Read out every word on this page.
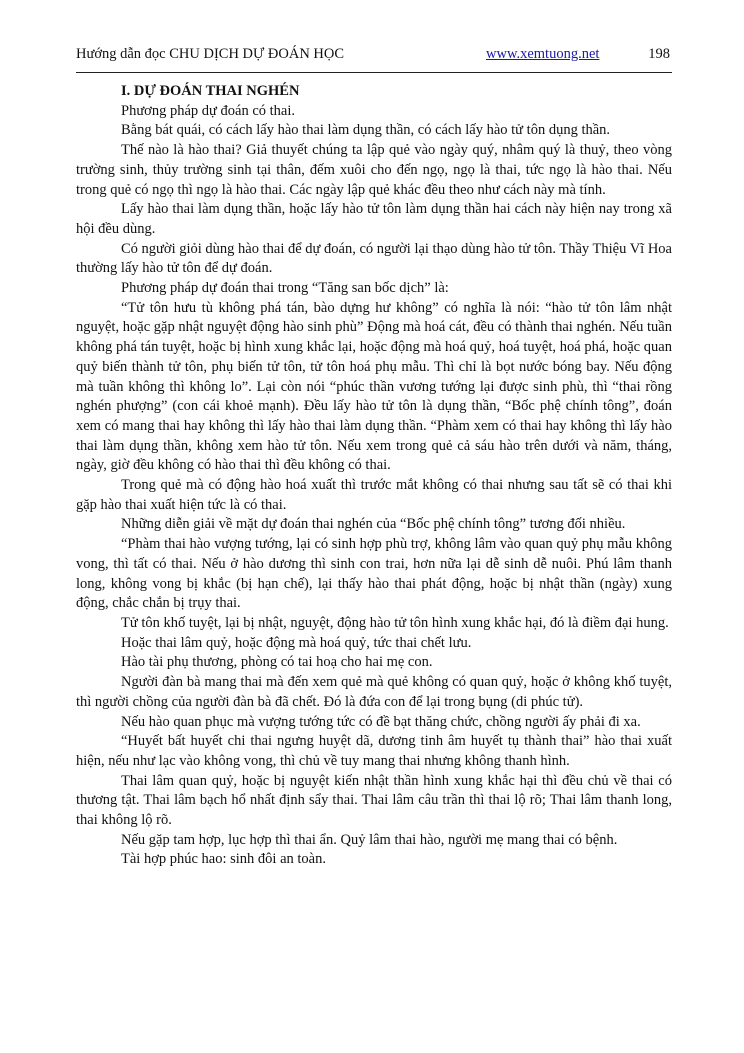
Hướng dẫn đọc CHU DỊCH DỰ ĐOÁN HỌC	www.xemtuong.net	198

I. DỰ ĐOÁN THAI NGHÉN

Phương pháp dự đoán có thai.

Bằng bát quái, có cách lấy hào thai làm dụng thần, có cách lấy hào tử tôn dụng thần.

Thế nào là hào thai? Giả thuyết chúng ta lập quẻ vào ngày quý, nhâm quý là thuỷ, theo vòng trường sinh, thủy trường sinh tại thân, đếm xuôi cho đến ngọ, ngọ là thai, tức ngọ là hào thai. Nếu trong quẻ có ngọ thì ngọ là hào thai. Các ngày lập quẻ khác đều theo như cách này mà tính.

Lấy hào thai làm dụng thần, hoặc lấy hào tử tôn làm dụng thần hai cách này hiện nay trong xã hội đều dùng.

Có người giỏi dùng hào thai để dự đoán, có người lại thạo dùng hào tử tôn. Thầy Thiệu Vĩ Hoa thường lấy hào tử tôn để dự đoán.

Phương pháp dự đoán thai trong “Tăng san bốc dịch” là:

“Tử tôn hưu tù không phá tán, bào dựng hư không” có nghĩa là nói: “hào tử tôn lâm nhật nguyệt, hoặc gặp nhật nguyệt động hào sinh phù” Động mà hoá cát, đều có thành thai nghén. Nếu tuần không phá tán tuyệt, hoặc bị hình xung khắc lại, hoặc động mà hoá quỷ, hoá tuyệt, hoá phá, hoặc quan quỷ biến thành tử tôn, phụ biến tử tôn, tử tôn hoá phụ mẫu. Thì chỉ là bọt nước bóng bay. Nếu động mà tuần không thì không lo”. Lại còn nói “phúc thần vương tướng lại được sinh phù, thì “thai rồng nghén phượng” (con cái khoẻ mạnh). Đều lấy hào tử tôn là dụng thần, “Bốc phệ chính tông”, đoán xem có mang thai hay không thì lấy hào thai làm dụng thần. “Phàm xem có thai hay không thì lấy hào thai làm dụng thần, không xem hào tử tôn. Nếu xem trong quẻ cả sáu hào trên dưới và năm, tháng, ngày, giờ đều không có hào thai thì đều không có thai.

Trong quẻ mà có động hào hoá xuất thì trước mắt không có thai nhưng sau tất sẽ có thai khi gặp hào thai xuất hiện tức là có thai.

Những diễn giải về mặt dự đoán thai nghén của “Bốc phệ chính tông” tương đối nhiều.

“Phàm thai hào vượng tướng, lại có sinh hợp phù trợ, không lâm vào quan quỷ phụ mẫu không vong, thì tất có thai. Nếu ở hào dương thì sinh con trai, hơn nữa lại dễ sinh dễ nuôi. Phú lâm thanh long, không vong bị khắc (bị hạn chế), lại thấy hào thai phát động, hoặc bị nhật thần (ngày) xung động, chắc chắn bị trụy thai.

Tử tôn khố tuyệt, lại bị nhật, nguyệt, động hào tử tôn hình xung khắc hại, đó là điềm đại hung.

Hoặc thai lâm quỷ, hoặc động mà hoá quỷ, tức thai chết lưu.

Hào tài phụ thương, phòng có tai hoạ cho hai mẹ con.

Người đàn bà mang thai mà đến xem quẻ mà quẻ không có quan quỷ, hoặc ở không khố tuyệt, thì người chồng của người đàn bà đã chết. Đó là đứa con để lại trong bụng (di phúc tử).

Nếu hào quan phục mà vượng tướng tức có đề bạt thăng chức, chồng người ấy phải đi xa.

“Huyết bất huyết chi thai ngưng huyệt dã, dương tinh âm huyết tụ thành thai” hào thai xuất hiện, nếu như lạc vào không vong, thì chủ về tuy mang thai nhưng không thanh hình.

Thai lâm quan quỷ, hoặc bị nguyệt kiến nhật thần hình xung khắc hại thì đều chủ về thai có thương tật. Thai lâm bạch hổ nhất định sẩy thai. Thai lâm câu trần thì thai lộ rõ; Thai lâm thanh long, thai không lộ rõ.

Nếu gặp tam hợp, lục hợp thì thai ẩn. Quỷ lâm thai hào, người mẹ mang thai có bệnh.

Tài hợp phúc hao: sinh đôi an toàn.
